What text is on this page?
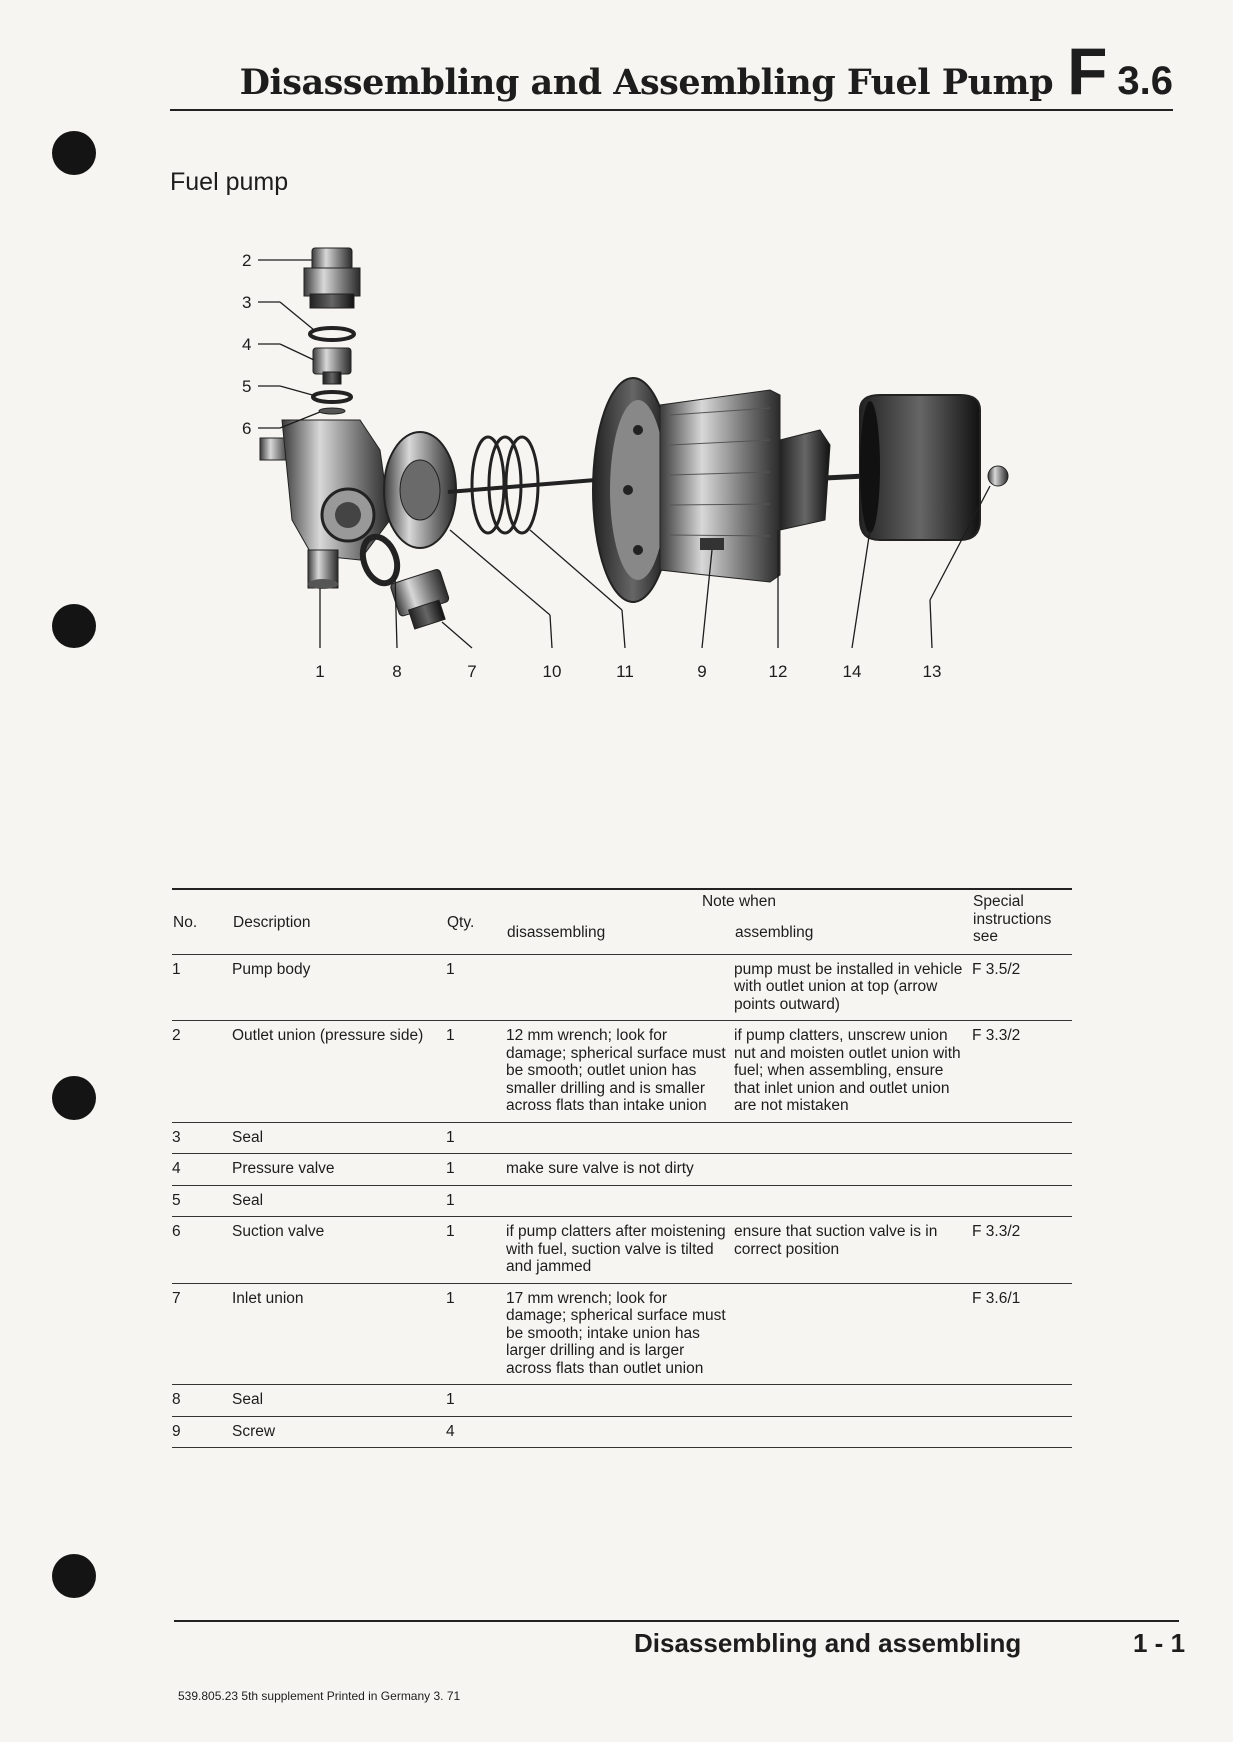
Disassembling and Assembling Fuel Pump F 3.6
Fuel pump
2
3
4
5
6
1	8	7	10	11	9	12	14	13
No.	Description	Qty.	Note when		Special instructions see
			disassembling	assembling	
1	Pump body	1		pump must be installed in vehicle with outlet union at top (arrow points outward)	F 3.5/2
2	Outlet union (pressure side)	1	12 mm wrench; look for damage; spherical surface must be smooth; outlet union has smaller drilling and is smaller across flats than intake union	if pump clatters, unscrew union nut and moisten outlet union with fuel; when assembling, ensure that inlet union and outlet union are not mistaken	F 3.3/2
3	Seal	1			
4	Pressure valve	1	make sure valve is not dirty		
5	Seal	1			
6	Suction valve	1	if pump clatters after moistening with fuel, suction valve is tilted and jammed	ensure that suction valve is in correct position	F 3.3/2
7	Inlet union	1	17 mm wrench; look for damage; spherical surface must be smooth; intake union has larger drilling and is larger across flats than outlet union		F 3.6/1
8	Seal	1			
9	Screw	4			
Disassembling and assembling	1 - 1
539.805.23 5th supplement Printed in Germany 3. 71
